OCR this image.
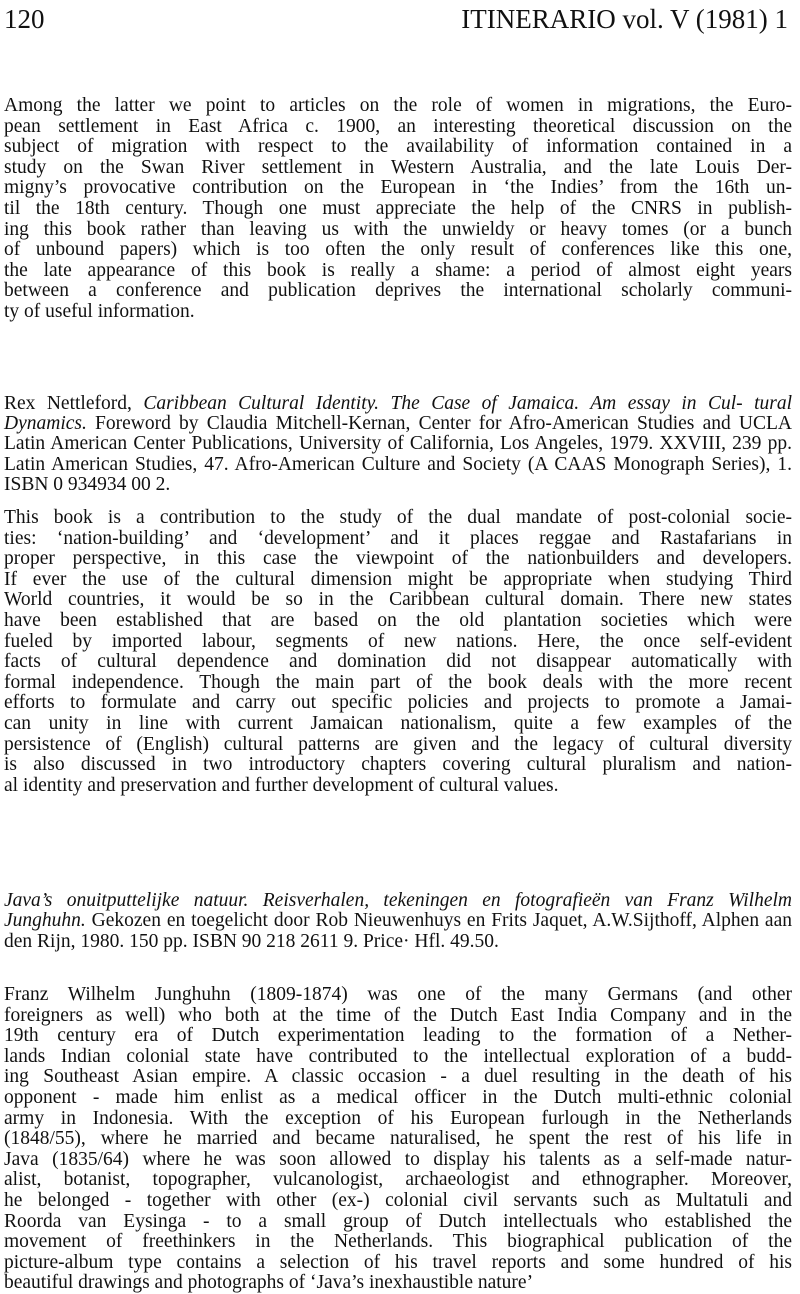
120	ITINERARIO vol. V (1981) 1
Among the latter we point to articles on the role of women in migrations, the Euro-
pean settlement in East Africa c. 1900, an interesting theoretical discussion on the
subject of migration with respect to the availability of information contained in a
study on the Swan River settlement in Western Australia, and the late Louis Der-
migny’s provocative contribution on the European in ‘the Indies’ from the 16th un-
til the 18th century. Though one must appreciate the help of the CNRS in publish-
ing this book rather than leaving us with the unwieldy or heavy tomes (or a bunch
of unbound papers) which is too often the only result of conferences like this one,
the late appearance of this book is really a shame: a period of almost eight years
between a conference and publication deprives the international scholarly communi-
ty of useful information.

Rex Nettleford, Caribbean Cultural Identity. The Case of Jamaica. Am essay in Cul- tural Dynamics. Foreword by Claudia Mitchell-Kernan, Center for Afro-American Studies and UCLA Latin American Center Publications, University of California, Los Angeles, 1979. XXVIII, 239 pp. Latin American Studies, 47. Afro-American Culture and Society (A CAAS Monograph Series), 1. ISBN 0 934934 00 2.

This book is a contribution to the study of the dual mandate of post-colonial socie-
ties: ‘nation-building’ and ‘development’ and it places reggae and Rastafarians in
proper perspective, in this case the viewpoint of the nationbuilders and developers.
If ever the use of the cultural dimension might be appropriate when studying Third
World countries, it would be so in the Caribbean cultural domain. There new states
have been established that are based on the old plantation societies which were
fueled by imported labour, segments of new nations. Here, the once self-evident
facts of cultural dependence and domination did not disappear automatically with
formal independence. Though the main part of the book deals with the more recent
efforts to formulate and carry out specific policies and projects to promote a Jamai-
can unity in line with current Jamaican nationalism, quite a few examples of the
persistence of (English) cultural patterns are given and the legacy of cultural diversity
is also discussed in two introductory chapters covering cultural pluralism and nation-
al identity and preservation and further development of cultural values.

Java’s onuitputtelijke natuur. Reisverhalen, tekeningen en fotografieën van Franz Wilhelm Junghuhn. Gekozen en toegelicht door Rob Nieuwenhuys en Frits Jaquet, A.W.Sijthoff, Alphen aan den Rijn, 1980. 150 pp. ISBN 90 218 2611 9. Price· Hfl. 49.50.

Franz Wilhelm Junghuhn (1809-1874) was one of the many Germans (and other
foreigners as well) who both at the time of the Dutch East India Company and in the
19th century era of Dutch experimentation leading to the formation of a Nether-
lands Indian colonial state have contributed to the intellectual exploration of a budd-
ing Southeast Asian empire. A classic occasion - a duel resulting in the death of his
opponent - made him enlist as a medical officer in the Dutch multi-ethnic colonial
army in Indonesia. With the exception of his European furlough in the Netherlands
(1848/55), where he married and became naturalised, he spent the rest of his life in
Java (1835/64) where he was soon allowed to display his talents as a self-made natur-
alist, botanist, topographer, vulcanologist, archaeologist and ethnographer. Moreover,
he belonged - together with other (ex-) colonial civil servants such as Multatuli and
Roorda van Eysinga - to a small group of Dutch intellectuals who established the
movement of freethinkers in the Netherlands. This biographical publication of the
picture-album type contains a selection of his travel reports and some hundred of his
beautiful drawings and photographs of ‘Java’s inexhaustible nature’
